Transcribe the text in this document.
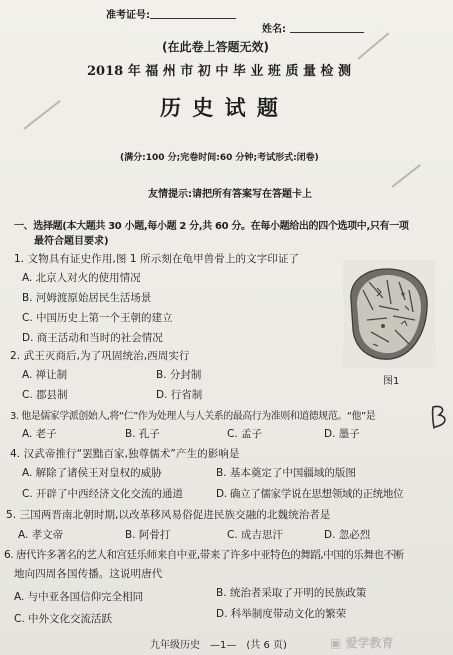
准考证号:
姓名:
(在此卷上答题无效)
2018 年 福 州 市 初 中 毕 业 班 质 量 检 测
历 史 试 题
(满分:100 分;完卷时间:60 分钟;考试形式:闭卷)
友情提示:请把所有答案写在答题卡上
一、选择题(本大题共 30 小题,每小题 2 分,共 60 分。在每小题给出的四个选项中,只有一项
最符合题目要求)
1. 文物具有证史作用,图 1 所示刻在龟甲兽骨上的文字印证了
A. 北京人对火的使用情况
B. 河姆渡原始居民生活场景
C. 中国历史上第一个王朝的建立
D. 商王活动和当时的社会情况
图1
2. 武王灭商后,为了巩固统治,西周实行
A. 禅让制	B. 分封制
C. 郡县制	D. 行省制
3. 他是儒家学派创始人,将“仁”作为处理人与人关系的最高行为准则和道德规范。“他”是
A. 老子	B. 孔子	C. 孟子	D. 墨子
4. 汉武帝推行“罢黜百家,独尊儒术”产生的影响是
A. 解除了诸侯王对皇权的威胁	B. 基本奠定了中国疆域的版图
C. 开辟了中西经济文化交流的通道	D. 确立了儒家学说在思想领域的正统地位
5. 三国两晋南北朝时期,以改革移风易俗促进民族交融的北魏统治者是
A. 孝文帝	B. 阿骨打	C. 成吉思汗	D. 忽必烈
6. 唐代许多著名的艺人和宫廷乐师来自中亚,带来了许多中亚特色的舞蹈,中国的乐舞也不断
地向四周各国传播。这说明唐代
A. 与中亚各国信仰完全相同	B. 统治者采取了开明的民族政策
C. 中外文化交流活跃	D. 科举制度带动文化的繁荣
九年级历史　—1—　(共 6 页)	▣ 爱学教育
